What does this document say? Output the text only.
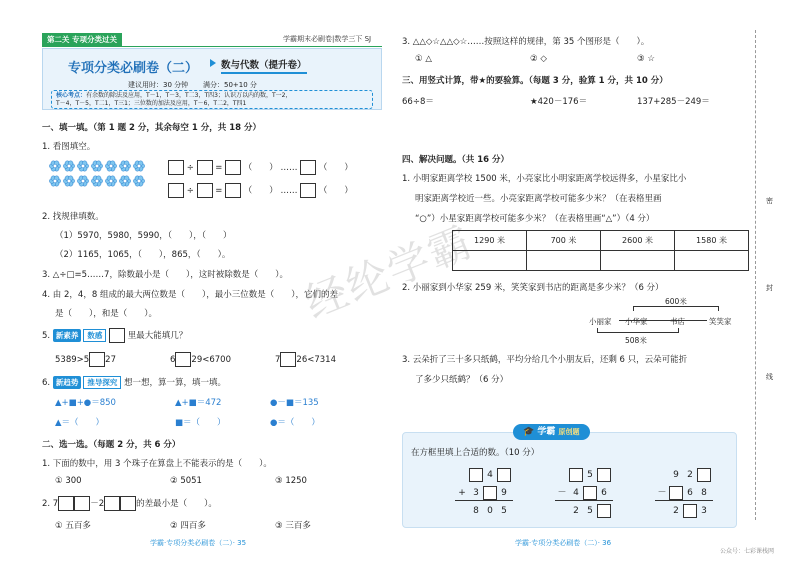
第二关 专项分类过关	学霸期末必刷卷|数学三下 SJ
专项分类必刷卷（二） 数与代数（提升卷）
建议用时：30 分钟 满分：50+10 分
核心考点：有余数的除法及应用，T－1，T－3，T二3，T四3；认识万以内的数，T一2，
T－4，T－5，T二1，T三1；三位数的加法及应用，T－6，T二2，T四1
一、填一填。（第 1 题 2 分，其余每空 1 分，共 18 分）
1. 看图填空。
÷	=	（　　） ……	（　　）
÷	=	（　　） ……	（　　）
2. 找规律填数。
（1）5970，5980，5990，（　　），（　　）
（2）1165，1065，（　　），865，（　　）。
3. △÷□=5……7，除数最小是（　　），这时被除数是（　　）。
4. 由 2，4，8 组成的最大两位数是（　　），最小三位数是（　　），它们的差
是（　　），和是（　　）。
5. 新素养 数感	里最大能填几？
5389>5 27	6 29<6700	7 26<7314
6. 新趋势 推导探究 想一想，算一算，填一填。
▲+■+●＝850	▲+■＝472	●－■＝135
▲＝（　　）	■＝（　　）	●＝（　　）
二、选一选。（每题 2 分，共 6 分）
1. 下面的数中，用 3 个珠子在算盘上不能表示的是（　　）。
① 300	② 5051	③ 1250
2. 7	－2	的差最小是（　　）。
① 五百多	② 四百多	③ 三百多
学霸·专项分类必刷卷（二）· 35
经纶学霸
3. △△◇☆△△◇☆……按照这样的规律，第 35 个图形是（　　）。
① △	② ◇	③ ☆
三、用竖式计算，带★的要验算。（每题 3 分，验算 1 分，共 10 分）
66÷8＝	★420－176＝	137+285－249＝
四、解决问题。（共 16 分）
1. 小明家距离学校 1500 米，小亮家比小明家距离学校远得多，小星家比小
明家距离学校近一些。小亮家距离学校可能多少米？（在表格里画
“○”）小星家距离学校可能多少米？（在表格里画“△”）（4 分）
1290 米	700 米	2600 米	1580 米

2. 小丽家到小华家 259 米，笑笑家到书店的距离是多少米？（6 分）
600米
小丽家 小华家	书店	笑笑家
508米
3. 云朵折了三十多只纸鹤，平均分给几个小朋友后，还剩 6 只，云朵可能折
了多少只纸鹤？（6 分）
在方框里填上合适的数。（10 分）
🎓 学霸 原创题
4
+ 3 9
8 0 5
5
－ 4 6
2 5
9 2
－ 6 8
2 3
学霸·专项分类必刷卷（二）· 36
密
封
线
公众号：七彩课栈网
